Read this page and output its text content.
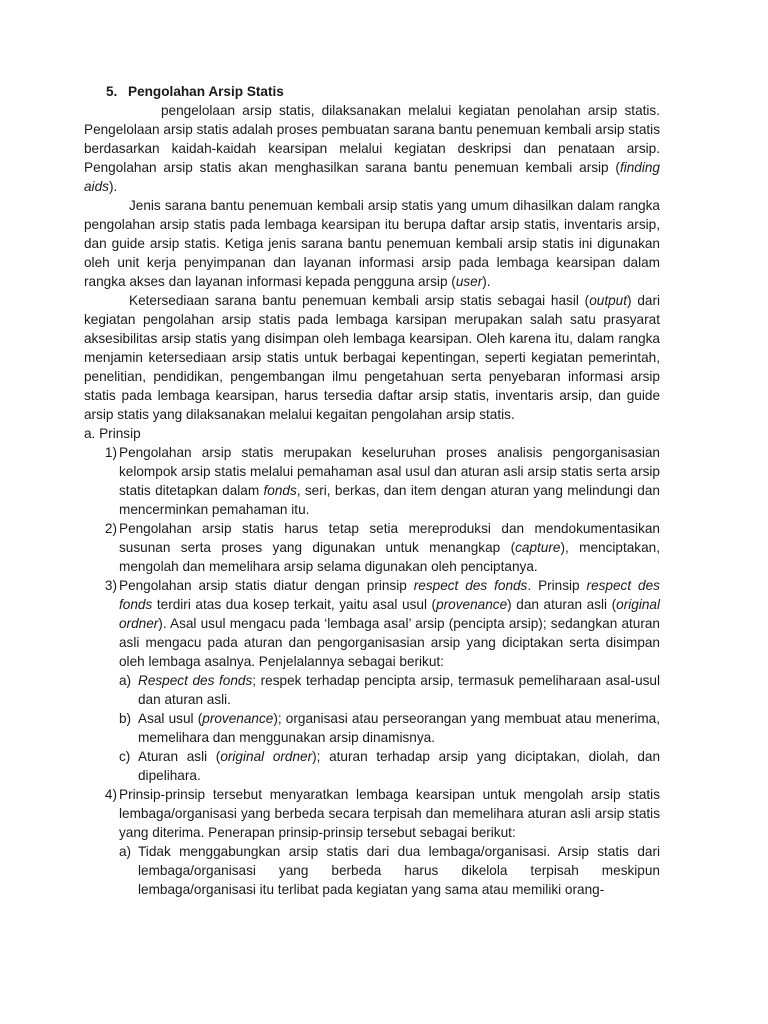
5. Pengolahan Arsip Statis

pengelolaan arsip statis, dilaksanakan melalui kegiatan penolahan arsip statis. Pengelolaan arsip statis adalah proses pembuatan sarana bantu penemuan kembali arsip statis berdasarkan kaidah-kaidah kearsipan melalui kegiatan deskripsi dan penataan arsip. Pengolahan arsip statis akan menghasilkan sarana bantu penemuan kembali arsip (finding aids).

Jenis sarana bantu penemuan kembali arsip statis yang umum dihasilkan dalam rangka pengolahan arsip statis pada lembaga kearsipan itu berupa daftar arsip statis, inventaris arsip, dan guide arsip statis. Ketiga jenis sarana bantu penemuan kembali arsip statis ini digunakan oleh unit kerja penyimpanan dan layanan informasi arsip pada lembaga kearsipan dalam rangka akses dan layanan informasi kepada pengguna arsip (user).

Ketersediaan sarana bantu penemuan kembali arsip statis sebagai hasil (output) dari kegiatan pengolahan arsip statis pada lembaga karsipan merupakan salah satu prasyarat aksesibilitas arsip statis yang disimpan oleh lembaga kearsipan. Oleh karena itu, dalam rangka menjamin ketersediaan arsip statis untuk berbagai kepentingan, seperti kegiatan pemerintah, penelitian, pendidikan, pengembangan ilmu pengetahuan serta penyebaran informasi arsip statis pada lembaga kearsipan, harus tersedia daftar arsip statis, inventaris arsip, dan guide arsip statis yang dilaksanakan melalui kegaitan pengolahan arsip statis.

a. Prinsip
1) Pengolahan arsip statis merupakan keseluruhan proses analisis pengorganisasian kelompok arsip statis melalui pemahaman asal usul dan aturan asli arsip statis serta arsip statis ditetapkan dalam fonds, seri, berkas, dan item dengan aturan yang melindungi dan mencerminkan pemahaman itu.
2) Pengolahan arsip statis harus tetap setia mereproduksi dan mendokumentasikan susunan serta proses yang digunakan untuk menangkap (capture), menciptakan, mengolah dan memelihara arsip selama digunakan oleh penciptanya.
3) Pengolahan arsip statis diatur dengan prinsip respect des fonds. Prinsip respect des fonds terdiri atas dua kosep terkait, yaitu asal usul (provenance) dan aturan asli (original ordner). Asal usul mengacu pada ‘lembaga asal’ arsip (pencipta arsip); sedangkan aturan asli mengacu pada aturan dan pengorganisasian arsip yang diciptakan serta disimpan oleh lembaga asalnya. Penjelalannya sebagai berikut:
a) Respect des fonds; respek terhadap pencipta arsip, termasuk pemeliharaan asal-usul dan aturan asli.
b) Asal usul (provenance); organisasi atau perseorangan yang membuat atau menerima, memelihara dan menggunakan arsip dinamisnya.
c) Aturan asli (original ordner); aturan terhadap arsip yang diciptakan, diolah, dan dipelihara.
4) Prinsip-prinsip tersebut menyaratkan lembaga kearsipan untuk mengolah arsip statis lembaga/organisasi yang berbeda secara terpisah dan memelihara aturan asli arsip statis yang diterima. Penerapan prinsip-prinsip tersebut sebagai berikut:
a) Tidak menggabungkan arsip statis dari dua lembaga/organisasi. Arsip statis dari lembaga/organisasi yang berbeda harus dikelola terpisah meskipun lembaga/organisasi itu terlibat pada kegiatan yang sama atau memiliki orang-
